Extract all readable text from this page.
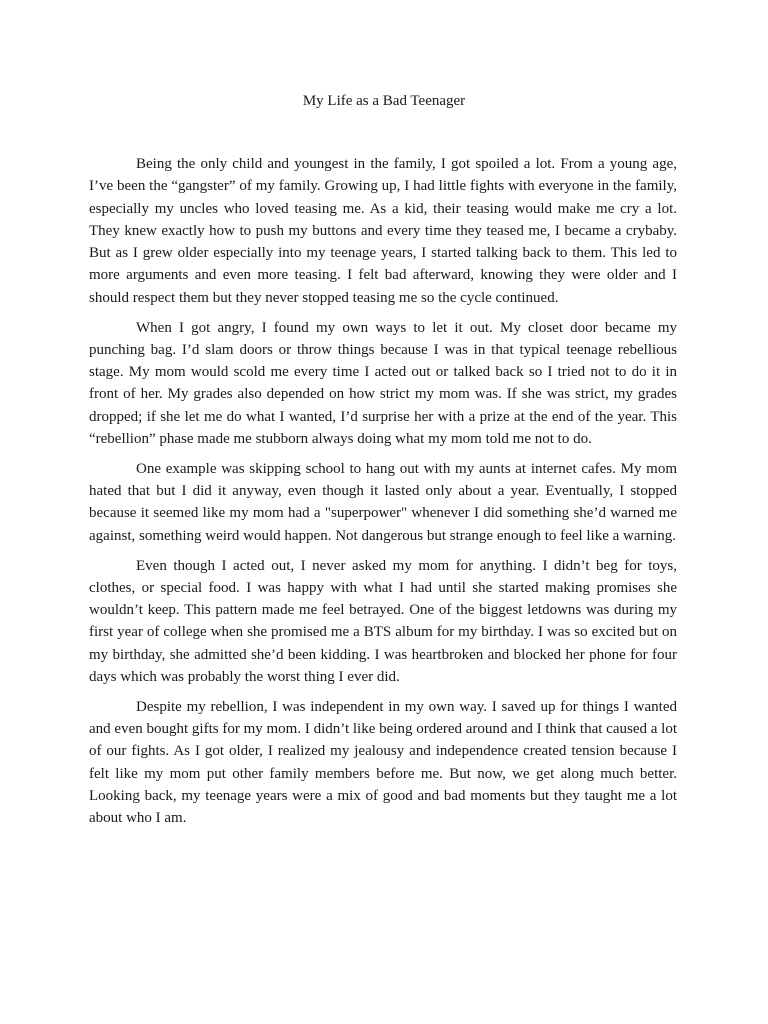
My Life as a Bad Teenager

Being the only child and youngest in the family, I got spoiled a lot. From a young age, I’ve been the “gangster” of my family. Growing up, I had little fights with everyone in the family, especially my uncles who loved teasing me. As a kid, their teasing would make me cry a lot. They knew exactly how to push my buttons and every time they teased me, I became a crybaby. But as I grew older especially into my teenage years, I started talking back to them. This led to more arguments and even more teasing. I felt bad afterward, knowing they were older and I should respect them but they never stopped teasing me so the cycle continued.

When I got angry, I found my own ways to let it out. My closet door became my punching bag. I’d slam doors or throw things because I was in that typical teenage rebellious stage. My mom would scold me every time I acted out or talked back so I tried not to do it in front of her. My grades also depended on how strict my mom was. If she was strict, my grades dropped; if she let me do what I wanted, I’d surprise her with a prize at the end of the year. This “rebellion” phase made me stubborn always doing what my mom told me not to do.

One example was skipping school to hang out with my aunts at internet cafes. My mom hated that but I did it anyway, even though it lasted only about a year. Eventually, I stopped because it seemed like my mom had a "superpower" whenever I did something she’d warned me against, something weird would happen. Not dangerous but strange enough to feel like a warning.

Even though I acted out, I never asked my mom for anything. I didn’t beg for toys, clothes, or special food. I was happy with what I had until she started making promises she wouldn’t keep. This pattern made me feel betrayed. One of the biggest letdowns was during my first year of college when she promised me a BTS album for my birthday. I was so excited but on my birthday, she admitted she’d been kidding. I was heartbroken and blocked her phone for four days which was probably the worst thing I ever did.

Despite my rebellion, I was independent in my own way. I saved up for things I wanted and even bought gifts for my mom. I didn’t like being ordered around and I think that caused a lot of our fights. As I got older, I realized my jealousy and independence created tension because I felt like my mom put other family members before me. But now, we get along much better. Looking back, my teenage years were a mix of good and bad moments but they taught me a lot about who I am.
